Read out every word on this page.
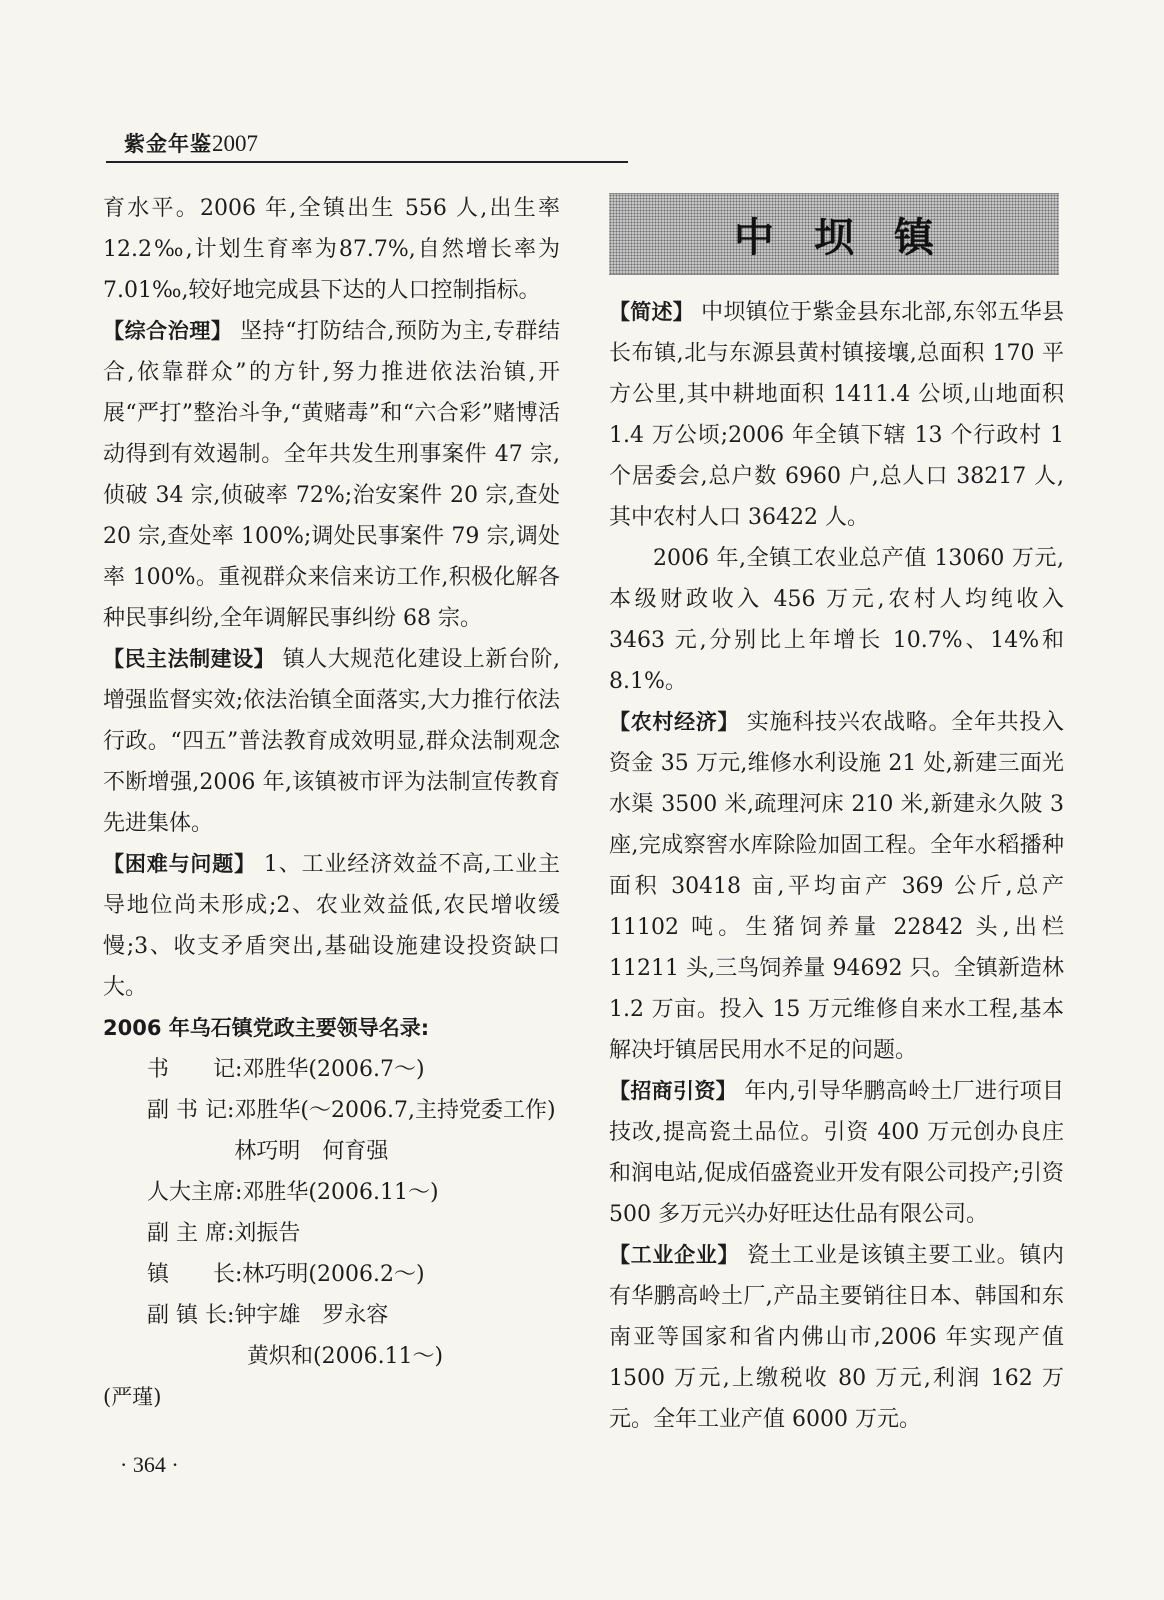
紫金年鉴2007

育水平。2006 年,全镇出生 556 人,出生率 12.2‰,计划生育率为87.7%,自然增长率为 7.01‰,较好地完成县下达的人口控制指标。

【综合治理】 坚持“打防结合,预防为主,专群结合,依靠群众”的方针,努力推进依法治镇,开展“严打”整治斗争,“黄赌毒”和“六合彩”赌博活动得到有效遏制。全年共发生刑事案件 47 宗,侦破 34 宗,侦破率 72%;治安案件 20 宗,查处 20 宗,查处率 100%;调处民事案件 79 宗,调处率 100%。重视群众来信来访工作,积极化解各种民事纠纷,全年调解民事纠纷 68 宗。

【民主法制建设】 镇人大规范化建设上新台阶,增强监督实效;依法治镇全面落实,大力推行依法行政。“四五”普法教育成效明显,群众法制观念不断增强,2006 年,该镇被市评为法制宣传教育先进集体。

【困难与问题】 1、工业经济效益不高,工业主导地位尚未形成;2、农业效益低,农民增收缓慢;3、收支矛盾突出,基础设施建设投资缺口大。

2006 年乌石镇党政主要领导名录:

书　　记: 邓胜华(2006.7～)
副 书 记: 邓胜华(～2006.7,主持党委工作)　林巧明　何育强
人大主席: 邓胜华(2006.11～)
副 主 席: 刘振告
镇　　长: 林巧明(2006.2～)
副 镇 长: 钟宇雄　罗永容
黄炽和(2006.11～)

(严瑾)

中坝镇

【简述】 中坝镇位于紫金县东北部,东邻五华县长布镇,北与东源县黄村镇接壤,总面积 170 平方公里,其中耕地面积 1411.4 公顷,山地面积 1.4 万公顷;2006 年全镇下辖 13 个行政村 1 个居委会,总户数 6960 户,总人口 38217 人,其中农村人口 36422 人。

2006 年,全镇工农业总产值 13060 万元,本级财政收入 456 万元,农村人均纯收入 3463 元,分别比上年增长 10.7%、14%和 8.1%。

【农村经济】 实施科技兴农战略。全年共投入资金 35 万元,维修水利设施 21 处,新建三面光水渠 3500 米,疏理河床 210 米,新建永久陂 3 座,完成察窖水库除险加固工程。全年水稻播种面积 30418 亩,平均亩产 369 公斤,总产 11102 吨。生猪饲养量 22842 头,出栏 11211 头,三鸟饲养量 94692 只。全镇新造林 1.2 万亩。投入 15 万元维修自来水工程,基本解决圩镇居民用水不足的问题。

【招商引资】 年内,引导华鹏高岭土厂进行项目技改,提高瓷土品位。引资 400 万元创办良庄和润电站,促成佰盛瓷业开发有限公司投产;引资 500 多万元兴办好旺达仕品有限公司。

【工业企业】 瓷土工业是该镇主要工业。镇内有华鹏高岭土厂,产品主要销往日本、韩国和东南亚等国家和省内佛山市,2006 年实现产值 1500 万元,上缴税收 80 万元,利润 162 万元。全年工业产值 6000 万元。

· 364 ·
